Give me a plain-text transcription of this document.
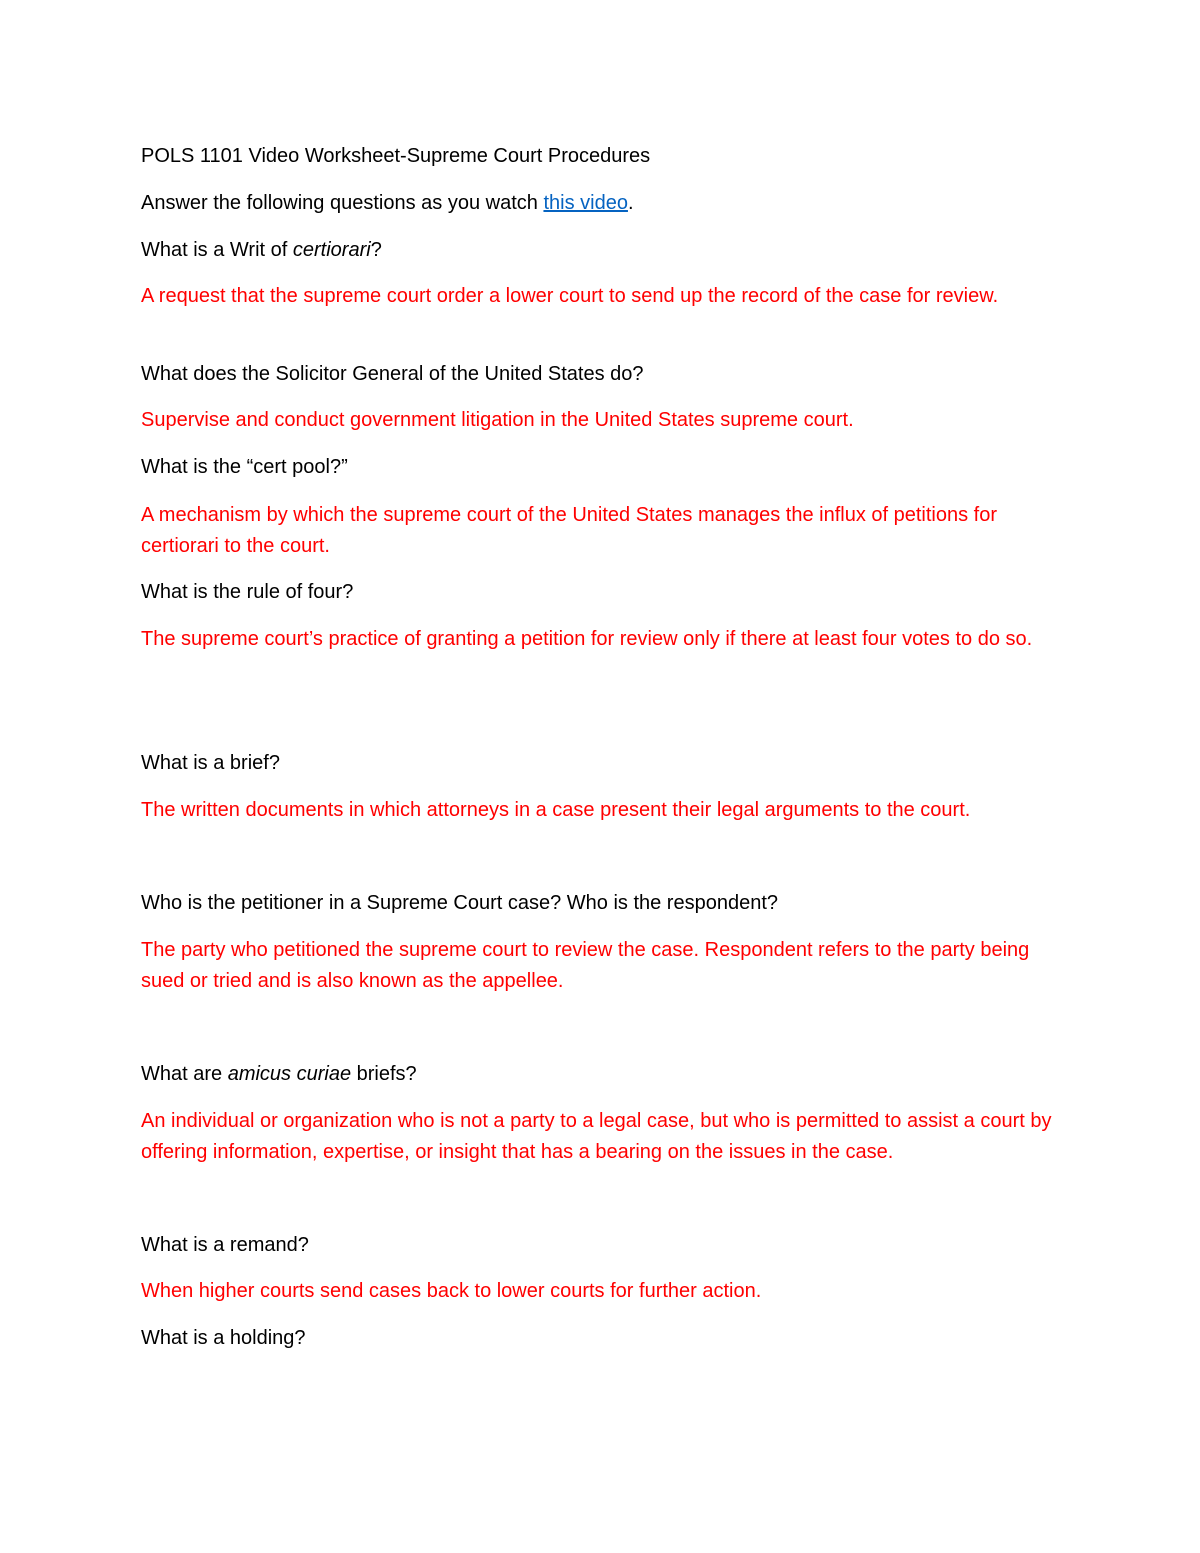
POLS 1101 Video Worksheet-Supreme Court Procedures
Answer the following questions as you watch this video.
What is a Writ of certiorari?
A request that the supreme court order a lower court to send up the record of the case for review.
What does the Solicitor General of the United States do?
Supervise and conduct government litigation in the United States supreme court.
What is the “cert pool?”
A mechanism by which the supreme court of the United States manages the influx of petitions for certiorari to the court.
What is the rule of four?
The supreme court’s practice of granting a petition for review only if there at least four votes to do so.
What is a brief?
The written documents in which attorneys in a case present their legal arguments to the court.
Who is the petitioner in a Supreme Court case? Who is the respondent?
The party who petitioned the supreme court to review the case. Respondent refers to the party being sued or tried and is also known as the appellee.
What are amicus curiae briefs?
An individual or organization who is not a party to a legal case, but who is permitted to assist a court by offering information, expertise, or insight that has a bearing on the issues in the case.
What is a remand?
When higher courts send cases back to lower courts for further action.
What is a holding?
